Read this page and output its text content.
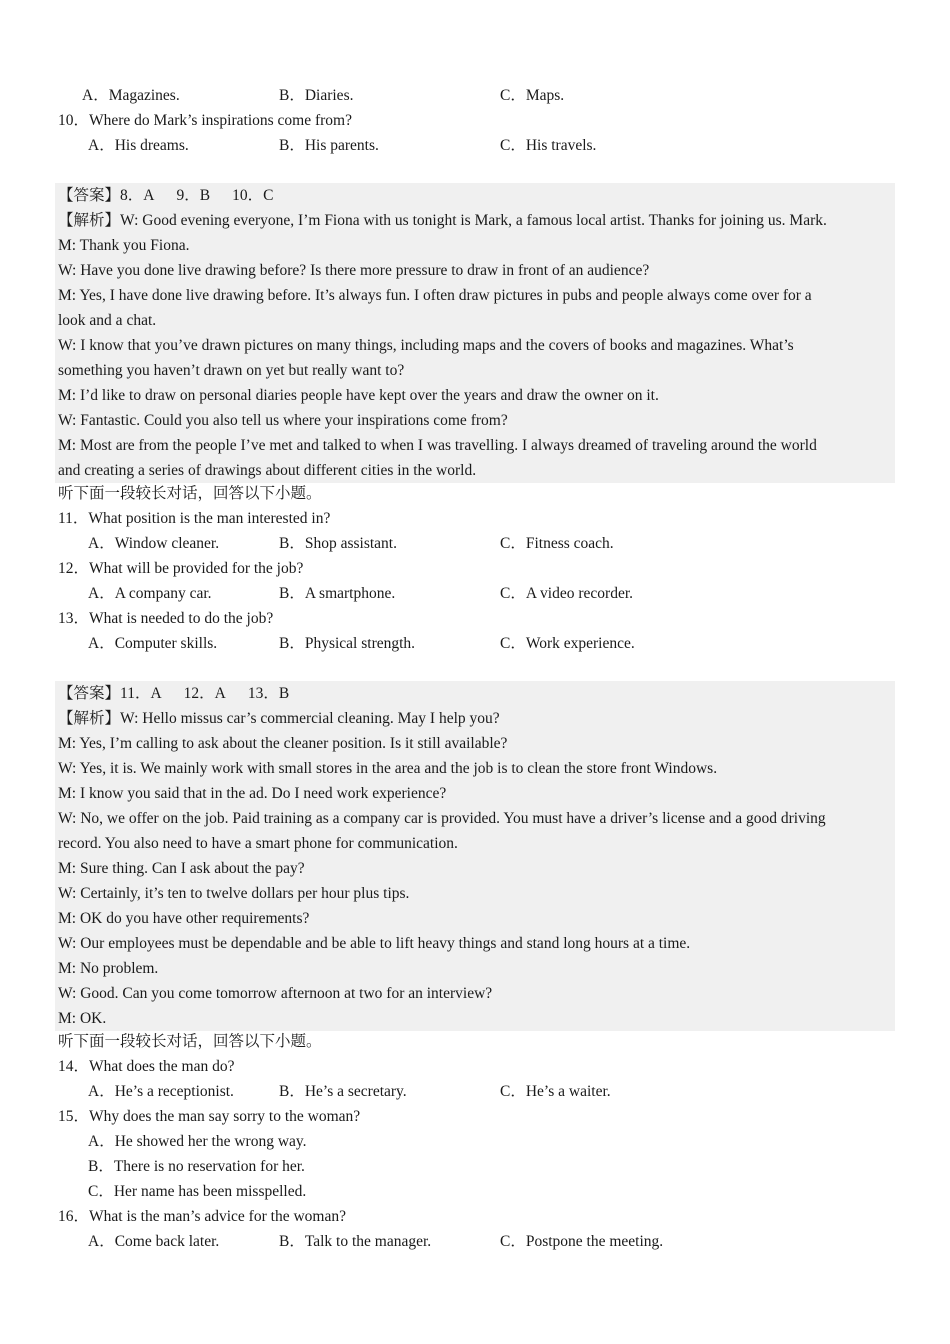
A．Magazines.	B．Diaries.	C．Maps.
10．Where do Mark’s inspirations come from?
A．His dreams.	B．His parents.	C．His travels.
【答案】8．A 9．B 10．C
【解析】W: Good evening everyone, I’m Fiona with us tonight is Mark, a famous local artist. Thanks for joining us. Mark.
M: Thank you Fiona.
W: Have you done live drawing before? Is there more pressure to draw in front of an audience?
M: Yes, I have done live drawing before. It’s always fun. I often draw pictures in pubs and people always come over for a
look and a chat.
W: I know that you’ve drawn pictures on many things, including maps and the covers of books and magazines. What’s
something you haven’t drawn on yet but really want to?
M: I’d like to draw on personal diaries people have kept over the years and draw the owner on it.
W: Fantastic. Could you also tell us where your inspirations come from?
M: Most are from the people I’ve met and talked to when I was travelling. I always dreamed of traveling around the world
and creating a series of drawings about different cities in the world.
听下面一段较长对话，回答以下小题。
11．What position is the man interested in?
A．Window cleaner.	B．Shop assistant.	C．Fitness coach.
12．What will be provided for the job?
A．A company car.	B．A smartphone.	C．A video recorder.
13．What is needed to do the job?
A．Computer skills.	B．Physical strength.	C．Work experience.
【答案】11．A 12．A 13．B
【解析】W: Hello missus car’s commercial cleaning. May I help you?
M: Yes, I’m calling to ask about the cleaner position. Is it still available?
W: Yes, it is. We mainly work with small stores in the area and the job is to clean the store front Windows.
M: I know you said that in the ad. Do I need work experience?
W: No, we offer on the job. Paid training as a company car is provided. You must have a driver’s license and a good driving
record. You also need to have a smart phone for communication.
M: Sure thing. Can I ask about the pay?
W: Certainly, it’s ten to twelve dollars per hour plus tips.
M: OK do you have other requirements?
W: Our employees must be dependable and be able to lift heavy things and stand long hours at a time.
M: No problem.
W: Good. Can you come tomorrow afternoon at two for an interview?
M: OK.
听下面一段较长对话，回答以下小题。
14．What does the man do?
A．He’s a receptionist.	B．He’s a secretary.	C．He’s a waiter.
15．Why does the man say sorry to the woman?
A．He showed her the wrong way.
B．There is no reservation for her.
C．Her name has been misspelled.
16．What is the man’s advice for the woman?
A．Come back later.	B．Talk to the manager.	C．Postpone the meeting.
